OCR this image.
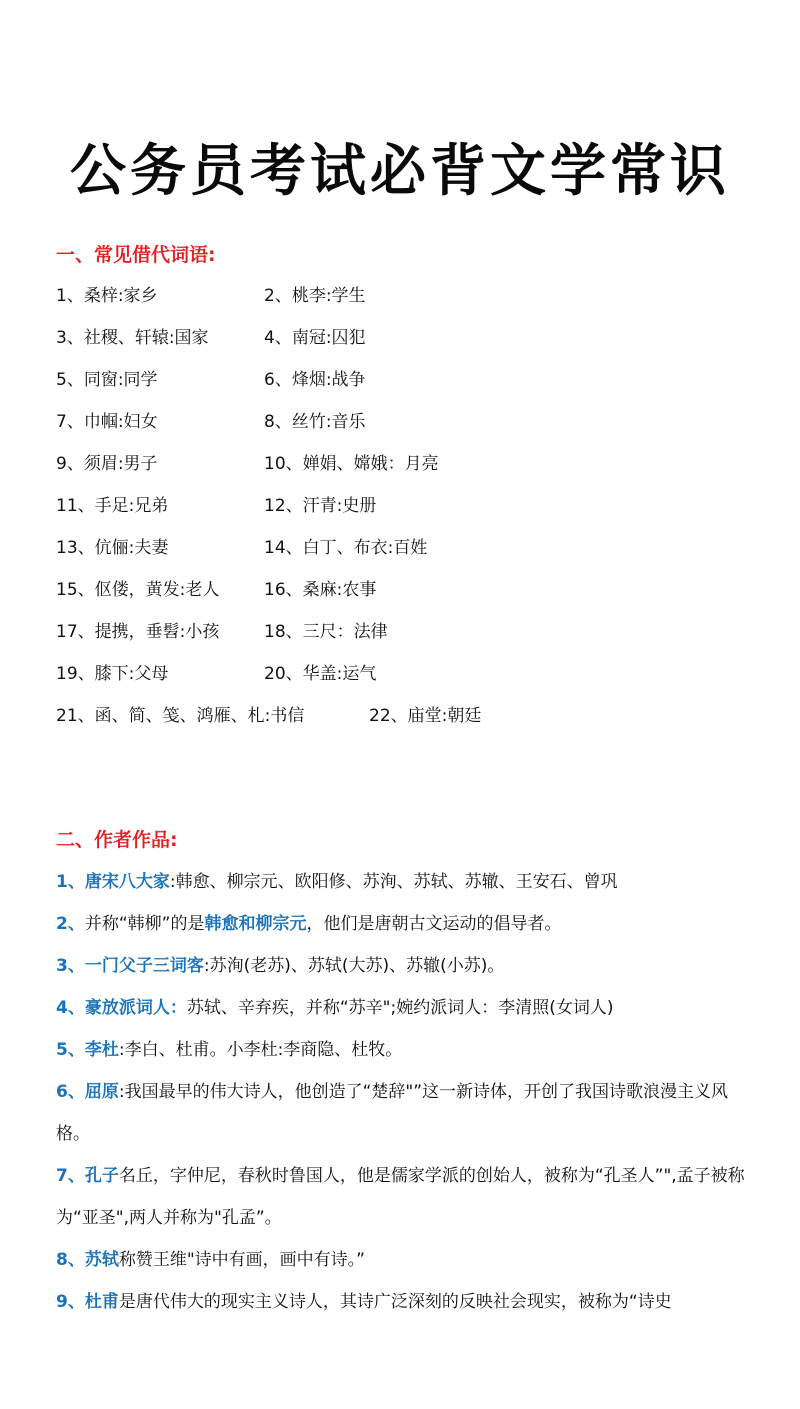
公务员考试必背文学常识
一、常见借代词语:
1、桑梓:家乡	2、桃李:学生
3、社稷、轩辕:国家	4、南冠:囚犯
5、同窗:同学	6、烽烟:战争
7、巾帼:妇女	8、丝竹:音乐
9、须眉:男子	10、婵娟、嫦娥：月亮
11、手足:兄弟	12、汗青:史册
13、伉俪:夫妻	14、白丁、布衣:百姓
15、伛偻，黄发:老人	16、桑麻:农事
17、提携，垂髫:小孩	18、三尺：法律
19、膝下:父母	20、华盖:运气
21、函、简、笺、鸿雁、札:书信	22、庙堂:朝廷
二、作者作品:
1、唐宋八大家:韩愈、柳宗元、欧阳修、苏洵、苏轼、苏辙、王安石、曾巩
2、并称“韩柳”的是韩愈和柳宗元，他们是唐朝古文运动的倡导者。
3、一门父子三词客:苏洵(老苏)、苏轼(大苏)、苏辙(小苏)。
4、豪放派词人：苏轼、辛弃疾，并称“苏辛";婉约派词人：李清照(女词人)
5、李杜:李白、杜甫。小李杜:李商隐、杜牧。
6、屈原:我国最早的伟大诗人，他创造了“楚辞"”这一新诗体，开创了我国诗歌浪漫主义风格。
7、孔子名丘，字仲尼，春秋时鲁国人，他是儒家学派的创始人，被称为“孔圣人”",孟子被称为“亚圣",两人并称为"孔孟”。
8、苏轼称赞王维"诗中有画，画中有诗。”
9、杜甫是唐代伟大的现实主义诗人，其诗广泛深刻的反映社会现实，被称为“诗史
